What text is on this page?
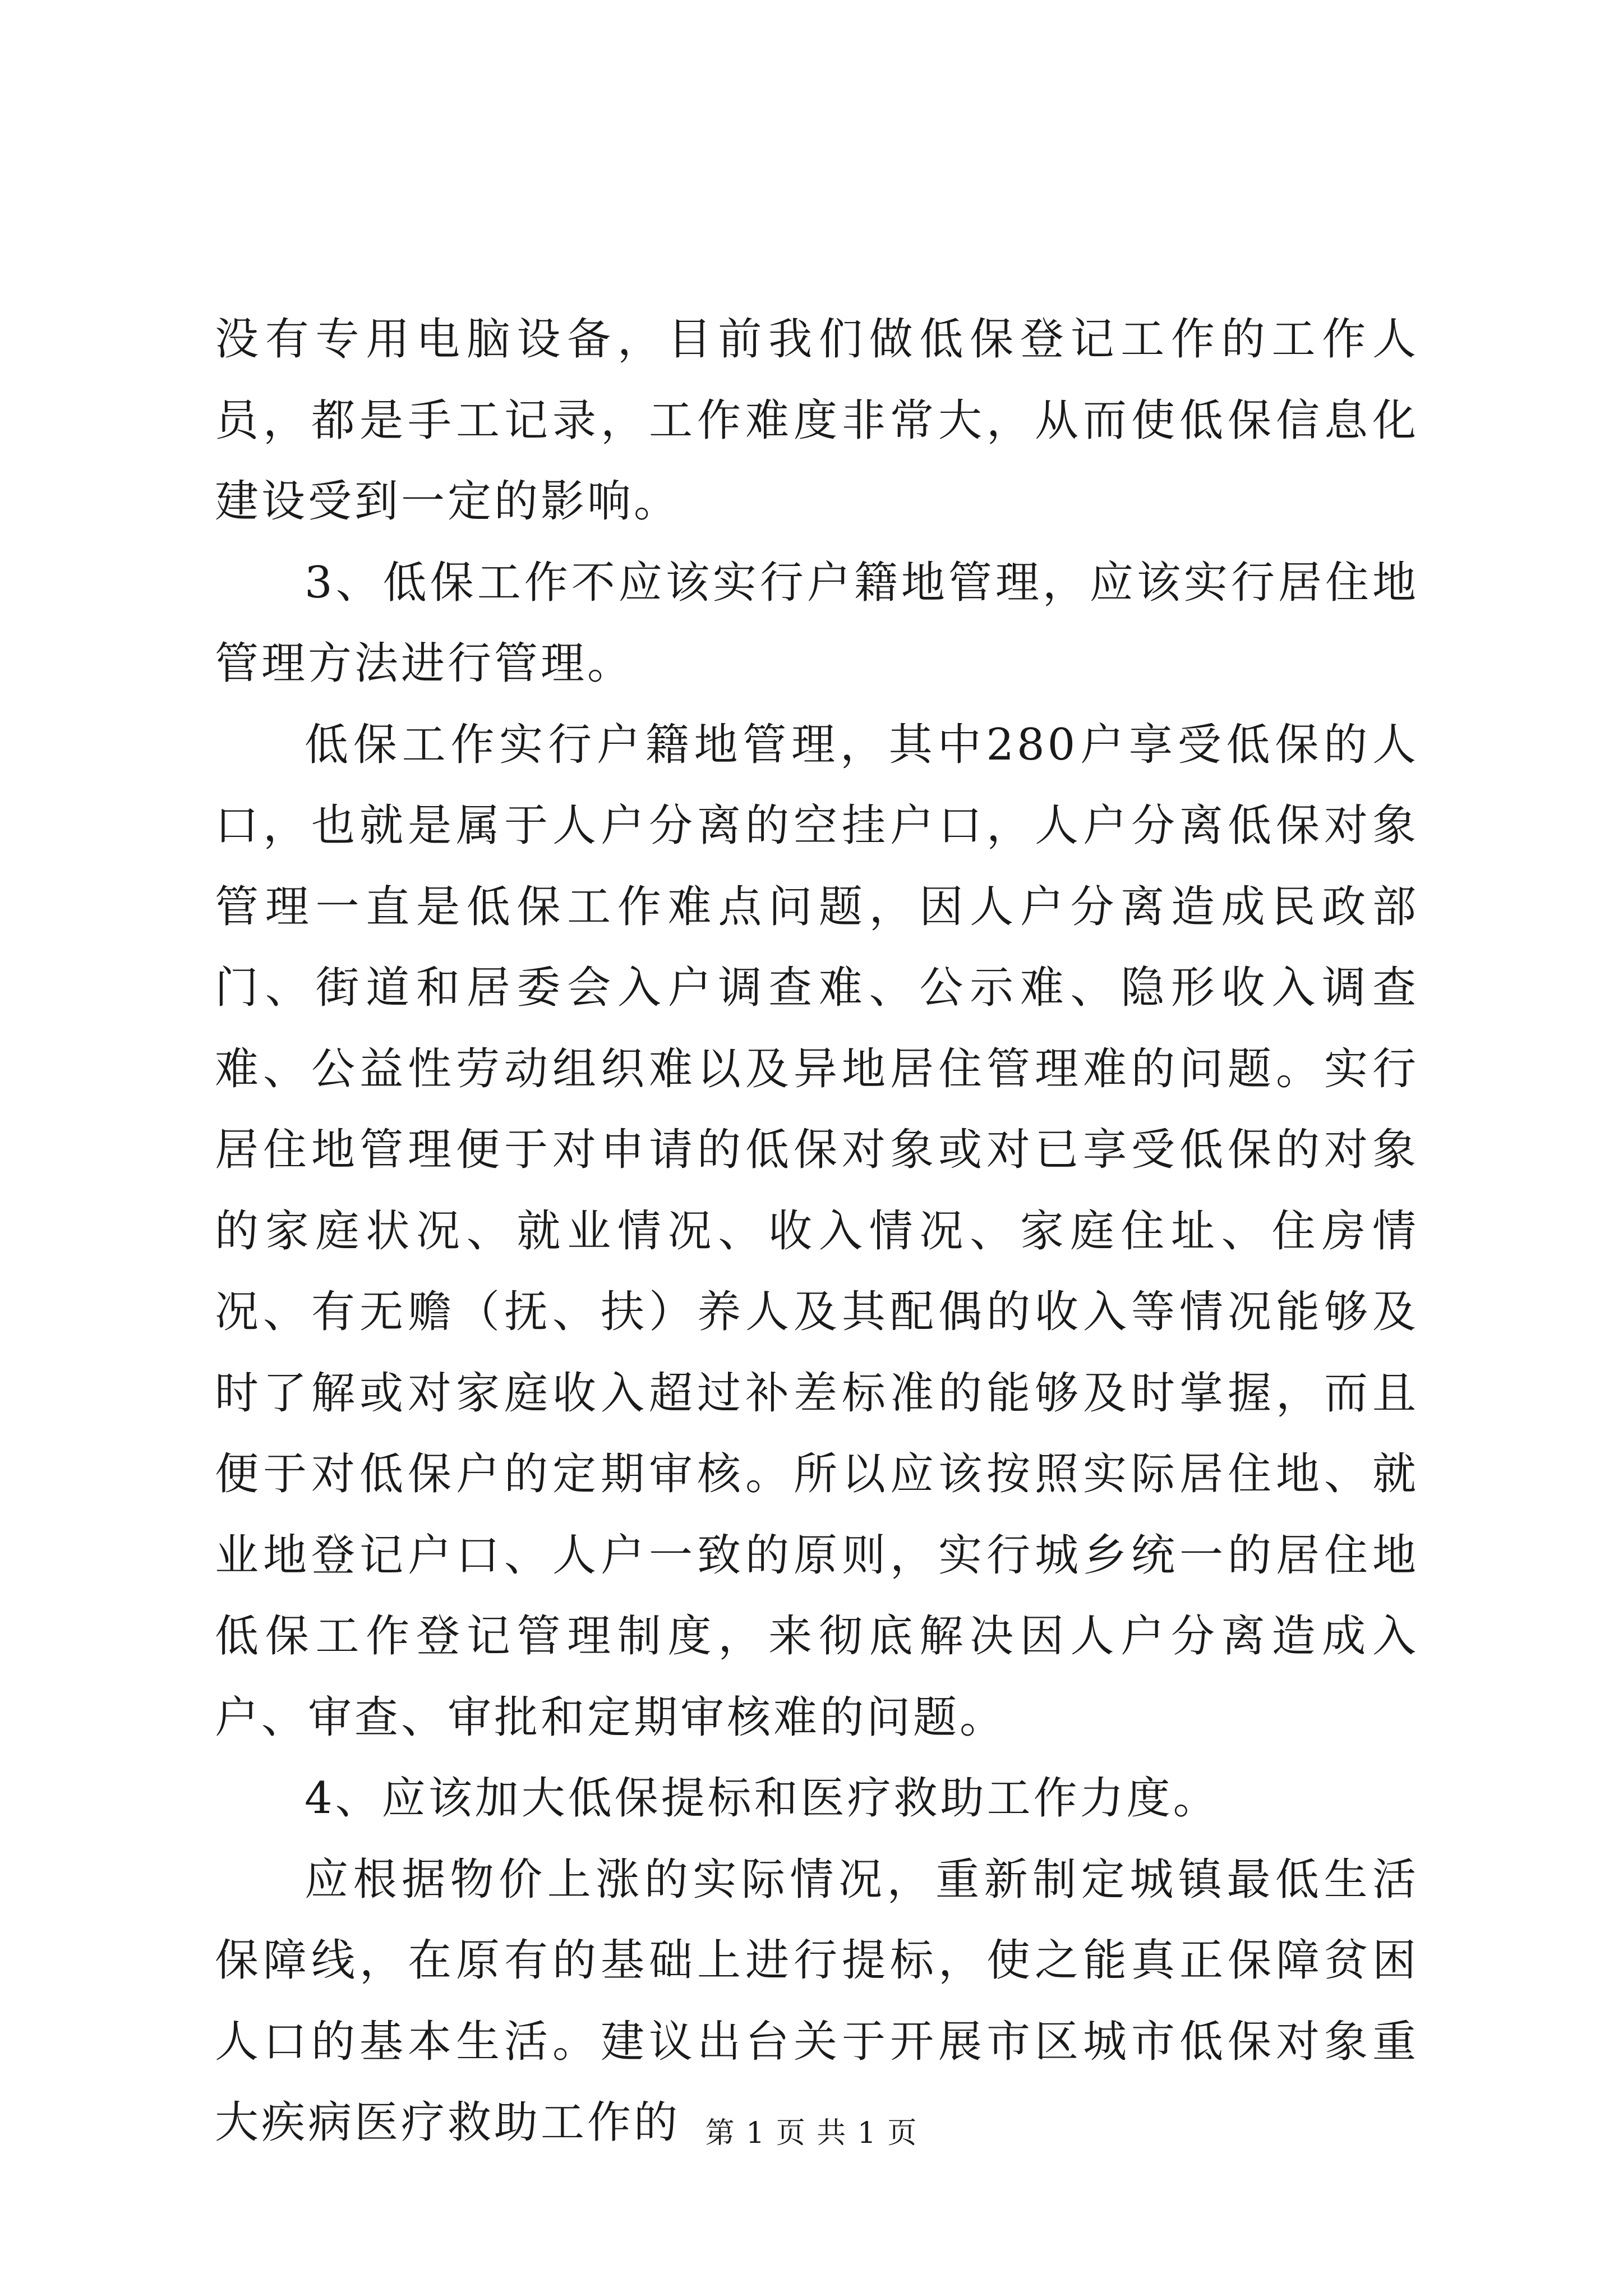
没有专用电脑设备，目前我们做低保登记工作的工作人员，都是手工记录，工作难度非常大，从而使低保信息化建设受到一定的影响。

3、低保工作不应该实行户籍地管理，应该实行居住地管理方法进行管理。

低保工作实行户籍地管理，其中280户享受低保的人口，也就是属于人户分离的空挂户口，人户分离低保对象管理一直是低保工作难点问题，因人户分离造成民政部门、街道和居委会入户调查难、公示难、隐形收入调查难、公益性劳动组织难以及异地居住管理难的问题。实行居住地管理便于对申请的低保对象或对已享受低保的对象的家庭状况、就业情况、收入情况、家庭住址、住房情况、有无赡（抚、扶）养人及其配偶的收入等情况能够及时了解或对家庭收入超过补差标准的能够及时掌握，而且便于对低保户的定期审核。所以应该按照实际居住地、就业地登记户口、人户一致的原则，实行城乡统一的居住地低保工作登记管理制度，来彻底解决因人户分离造成入户、审查、审批和定期审核难的问题。

4、应该加大低保提标和医疗救助工作力度。

应根据物价上涨的实际情况，重新制定城镇最低生活保障线，在原有的基础上进行提标，使之能真正保障贫困人口的基本生活。建议出台关于开展市区城市低保对象重大疾病医疗救助工作的 第 1 页 共 1 页
